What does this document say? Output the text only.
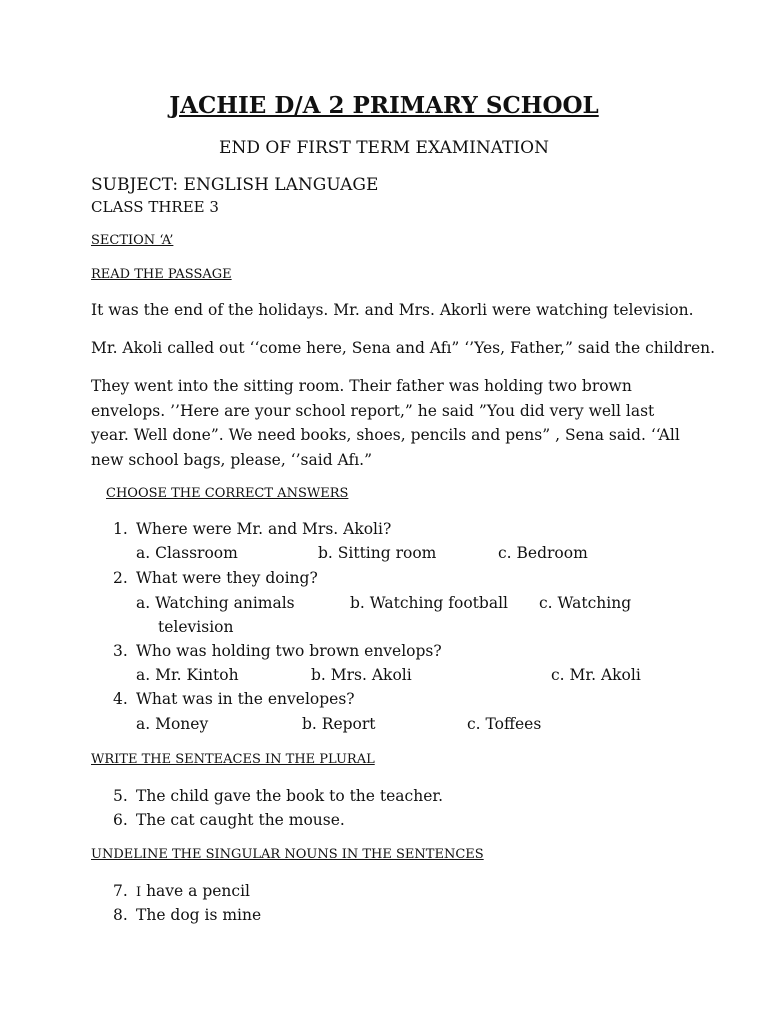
JACHIE D/A 2 PRIMARY SCHOOL
END OF FIRST TERM EXAMINATION
SUBJECT: ENGLISH LANGUAGE
CLASS THREE 3
SECTION ‘A’
READ THE PASSAGE
It was the end of the holidays. Mr. and Mrs. Akorli were watching television.
Mr. Akoli called out ‘‘come here, Sena and Afı” ‘’Yes, Father,” said the children.
They went into the sitting room. Their father was holding two brown envelops. ’’Here are your school report,” he said ”You did very well last year. Well done”. We need books, shoes, pencils and pens” , Sena said. ‘‘All new school bags, please, ‘’said Afı.”
CHOOSE THE CORRECT ANSWERS
1. Where were Mr. and Mrs. Akoli?
a. Classroom	b. Sitting room	c. Bedroom
2. What were they doing?
a. Watching animals	b. Watching football c. Watching
television
3. Who was holding two brown envelops?
a. Mr. Kintoh	b. Mrs. Akoli	c. Mr. Akoli
4. What was in the envelopes?
a. Money	b. Report	c. Toffees
WRITE THE SENTEACES IN THE PLURAL
5. The child gave the book to the teacher.
6. The cat caught the mouse.
UNDELINE THE SINGULAR NOUNS IN THE SENTENCES
7. I have a pencil
8. The dog is mine
